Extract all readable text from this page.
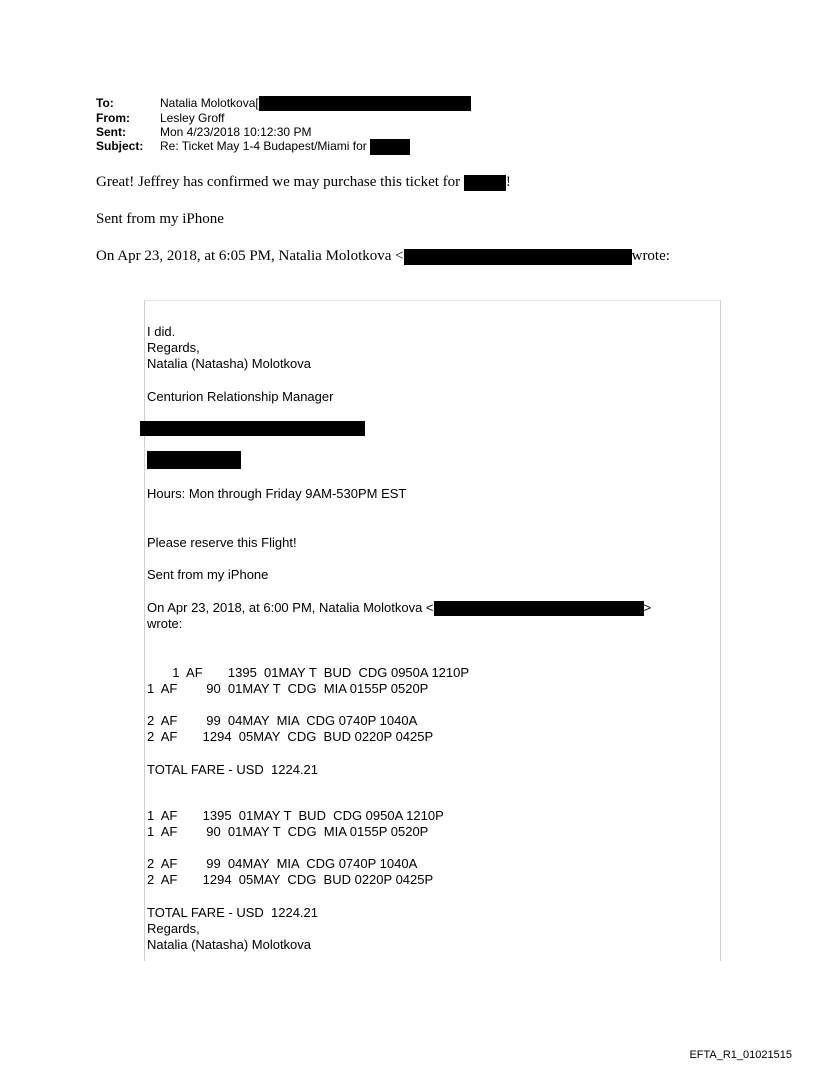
To:	Natalia Molotkova[
From:	Lesley Groff
Sent:	Mon 4/23/2018 10:12:30 PM
Subject:	Re: Ticket May 1-4 Budapest/Miami for
Great! Jeffrey has confirmed we may purchase this ticket for	!
Sent from my iPhone
On Apr 23, 2018, at 6:05 PM, Natalia Molotkova <	wrote:
I did.
Regards,
Natalia (Natasha) Molotkova
Centurion Relationship Manager
Hours: Mon through Friday 9AM-530PM EST
Please reserve this Flight!
Sent from my iPhone
On Apr 23, 2018, at 6:00 PM, Natalia Molotkova <	>
wrote:
1  AF       1395  01MAY T  BUD  CDG 0950A 1210P
1  AF        90  01MAY T  CDG  MIA 0155P 0520P
2  AF        99  04MAY  MIA  CDG 0740P 1040A
2  AF       1294  05MAY  CDG  BUD 0220P 0425P
TOTAL FARE - USD  1224.21
1  AF       1395  01MAY T  BUD  CDG 0950A 1210P
1  AF        90  01MAY T  CDG  MIA 0155P 0520P
2  AF        99  04MAY  MIA  CDG 0740P 1040A
2  AF       1294  05MAY  CDG  BUD 0220P 0425P
TOTAL FARE - USD  1224.21
Regards,
Natalia (Natasha) Molotkova
EFTA_R1_01021515
